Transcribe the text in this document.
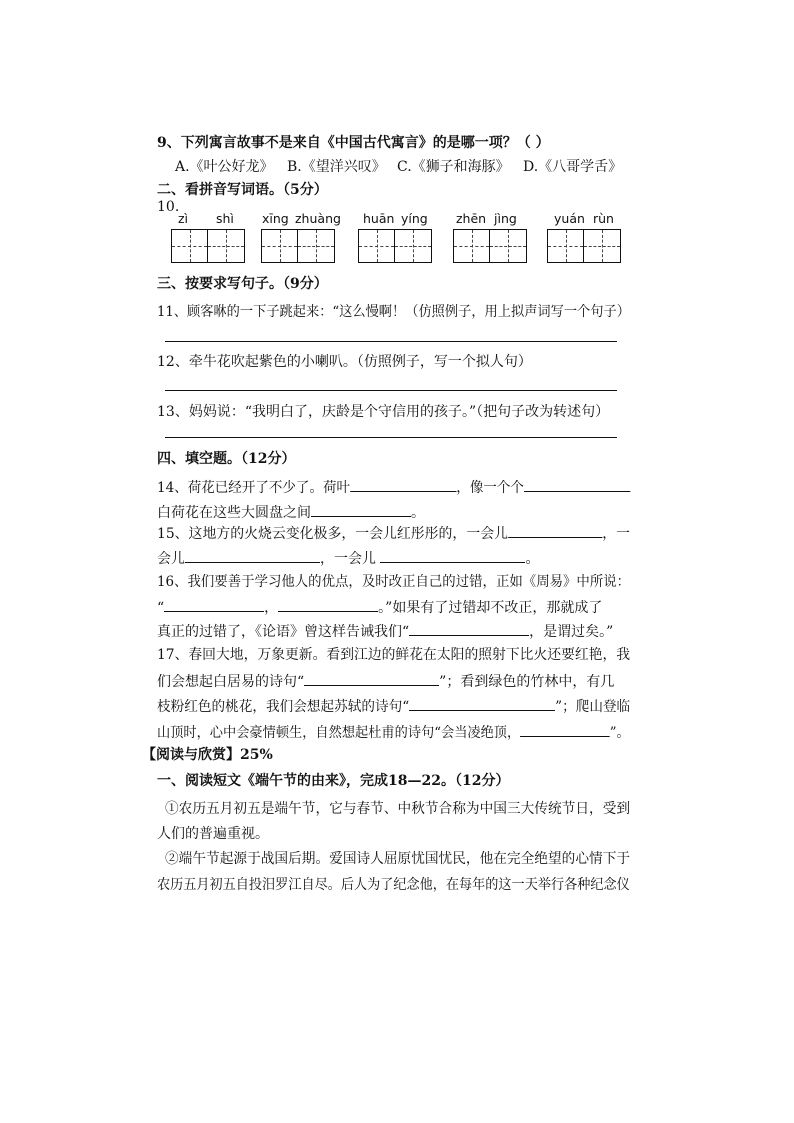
9、下列寓言故事不是来自《中国古代寓言》的是哪一项？（ ）
A.《叶公好龙》 B.《望洋兴叹》 C.《狮子和海豚》 D.《八哥学舌》
二、看拼音写词语。（5分）
10.
zì shì xīng zhuàng huān yíng zhēn jìng	yuán rùn
三、按要求写句子。（9分）
11、顾客咻的一下子跳起来：“这么慢啊！（仿照例子，用上拟声词写一个句子）
12、牵牛花吹起紫色的小喇叭。（仿照例子，写一个拟人句）
13、妈妈说：“我明白了，庆龄是个守信用的孩子。”（把句子改为转述句）
四、填空题。（12分）
14、荷花已经开了不少了。荷叶	，像一个个
白荷花在这些大圆盘之间	。
15、这地方的火烧云变化极多，一会儿红彤彤的，一会儿	，一
会儿	，一会儿	。
16、我们要善于学习他人的优点，及时改正自己的过错，正如《周易》中所说：
“	，	。”如果有了过错却不改正，那就成了
真正的过错了，《论语》曾这样告诫我们“	，是谓过矣。”
17、春回大地，万象更新。看到江边的鲜花在太阳的照射下比火还要红艳，我
们会想起白居易的诗句“	”；看到绿色的竹林中，有几
枝粉红色的桃花，我们会想起苏轼的诗句“	”；爬山登临
山顶时，心中会豪情顿生，自然想起杜甫的诗句“会当凌绝顶，	”。
【阅读与欣赏】25%
一、阅读短文《端午节的由来》，完成18—22。（12分）
①农历五月初五是端午节，它与春节、中秋节合称为中国三大传统节日，受到
人们的普遍重视。
②端午节起源于战国后期。爱国诗人屈原忧国忧民，他在完全绝望的心情下于
农历五月初五自投汨罗江自尽。后人为了纪念他，在每年的这一天举行各种纪念仪
